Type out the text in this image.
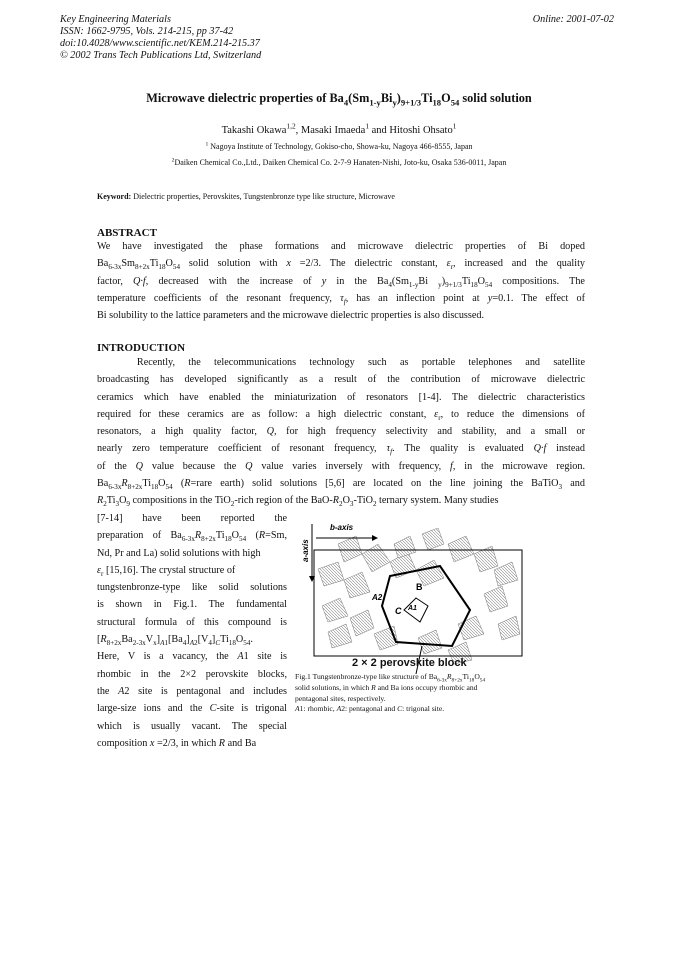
Key Engineering Materials
ISSN: 1662-9795, Vols. 214-215, pp 37-42
doi:10.4028/www.scientific.net/KEM.214-215.37
© 2002 Trans Tech Publications Ltd, Switzerland
Online: 2001-07-02
Microwave dielectric properties of $Ba_4(Sm_{1-y}Bi_y)_{9+1/3}Ti_{18}O_{54}$ solid solution
Takashi Okawa$^{1,2}$, Masaki Imaeda$^1$ and Hitoshi Ohsato$^1$
$^1$ Nagoya Institute of Technology, Gokiso-cho, Showa-ku, Nagoya 466-8555, Japan
$^2$Daiken Chemical Co.,Ltd., Daiken Chemical Co. 2-7-9 Hanaten-Nishi, Joto-ku, Osaka 536-0011, Japan
Keyword: Dielectric properties, Perovskites, Tungstenbronze type like structure, Microwave
ABSTRACT
We have investigated the phase formations and microwave dielectric properties of Bi doped
$Ba_{6-3x}Sm_{8+2x}Ti_{18}O_{54}$ solid solution with x =2/3. The dielectric constant, $\varepsilon_r$, increased and the quality
factor, Q·f, decreased with the increase of y in the $Ba_4(Sm_{1-y}Bi$ $_y)_{9+1/3}Ti_{18}O_{54}$ compositions. The
temperature coefficients of the resonant frequency, $\tau_f$, has an inflection point at y=0.1. The effect of
Bi solubility to the lattice parameters and the microwave dielectric properties is also discussed.
INTRODUCTION
Recently, the telecommunications technology such as portable telephones and satellite
broadcasting has developed significantly as a result of the contribution of microwave dielectric
ceramics which have enabled the miniaturization of resonators [1-4]. The dielectric characteristics
required for these ceramics are as follow: a high dielectric constant, $\varepsilon_r$, to reduce the dimensions of
resonators, a high quality factor, Q, for high frequency selectivity and stability, and a small or
nearly zero temperature coefficient of resonant frequency, $\tau_f$. The quality is evaluated Q·f instead
of the Q value because the Q value varies inversely with frequency, f, in the microwave region.
$Ba_{6-3x}R_{8+2x}Ti_{18}O_{54}$ (R=rare earth) solid solutions [5,6] are located on the line joining the BaTiO$_3$ and
$R_2Ti_3O_9$ compositions in the TiO$_2$-rich region of the BaO-$R_2O_3-TiO_2$ ternary system. Many studies
[7-14] have been reported the
preparation of $Ba_{6-3x}R_{8+2x}Ti_{18}O_{54}$ (R=Sm,
Nd, Pr and La) solid solutions with high
$\varepsilon_r$ [15,16]. The crystal structure of
tungstenbronze-type like solid solutions
is shown in Fig.1. The fundamental
structural formula of this compound is
$[R_{8+2x}Ba_{2-3x}V_x]_{A1}[Ba_4]_{A2}[V_4]_CTi_{18}O_{54}$.
Here, V is a vacancy, the A1 site is
rhombic in the 2×2 perovskite blocks,
the A2 site is pentagonal and includes
large-size ions and the C-site is trigonal
which is usually vacant. The special
composition x =2/3, in which R and Ba
b-axis
a-axis
A2
B
C A1
2 × 2 perovskite block
Fig.1 Tungstenbronze-type like structure of $Ba_{6-3x}R_{8+2x}Ti_{18}O_{54}$
solid solutions, in which R and Ba ions occupy rhombic and
pentagonal sites, respectively.
A1: rhombic, A2: pentagonal and C: trigonal site.
